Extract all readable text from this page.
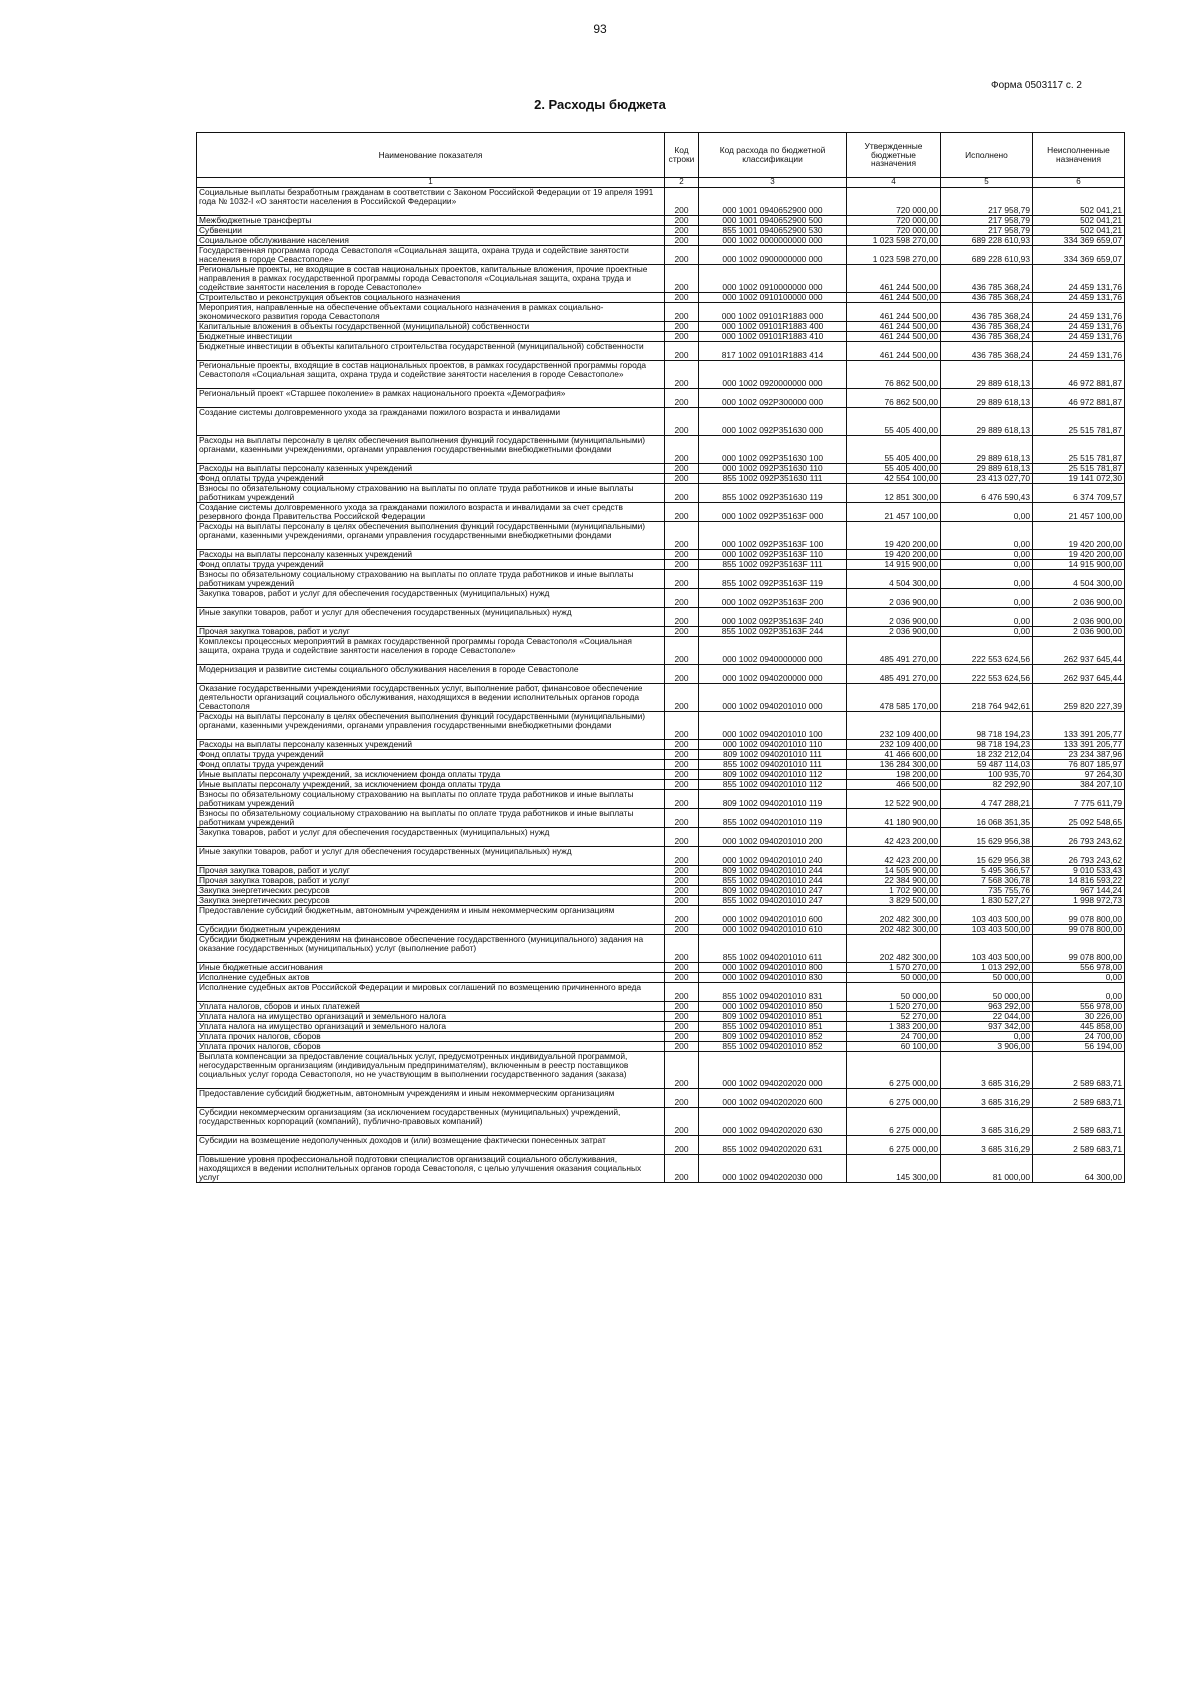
93
Форма 0503117 с. 2
2. Расходы бюджета
Наименование показателя	Код строки	Код расхода по бюджетной классификации	Утвержденные бюджетные назначения	Исполнено	Неисполненные назначения
1	2	3	4	5	6
Социальные выплаты безработным гражданам в соответствии с Законом Российской Федерации от 19 апреля 1991 года № 1032-I «О занятости населения в Российской Федерации»	200	000 1001 0940652900 000	720 000,00	217 958,79	502 041,21
Межбюджетные трансферты	200	000 1001 0940652900 500	720 000,00	217 958,79	502 041,21
Субвенции	200	855 1001 0940652900 530	720 000,00	217 958,79	502 041,21
Социальное обслуживание населения	200	000 1002 0000000000 000	1 023 598 270,00	689 228 610,93	334 369 659,07
Государственная программа города Севастополя «Социальная защита, охрана труда и содействие занятости населения в городе Севастополе»	200	000 1002 0900000000 000	1 023 598 270,00	689 228 610,93	334 369 659,07
Региональные проекты, не входящие в состав национальных проектов, капитальные вложения, прочие проектные направления в рамках государственной программы города Севастополя «Социальная защита, охрана труда и содействие занятости населения в городе Севастополе»	200	000 1002 0910000000 000	461 244 500,00	436 785 368,24	24 459 131,76
Строительство и реконструкция объектов социального назначения	200	000 1002 0910100000 000	461 244 500,00	436 785 368,24	24 459 131,76
Мероприятия, направленные на обеспечение объектами социального назначения в рамках социально-экономического развития города Севастополя	200	000 1002 09101R1883 000	461 244 500,00	436 785 368,24	24 459 131,76
Капитальные вложения в объекты государственной (муниципальной) собственности	200	000 1002 09101R1883 400	461 244 500,00	436 785 368,24	24 459 131,76
Бюджетные инвестиции	200	000 1002 09101R1883 410	461 244 500,00	436 785 368,24	24 459 131,76
Бюджетные инвестиции в объекты капитального строительства государственной (муниципальной) собственности	200	817 1002 09101R1883 414	461 244 500,00	436 785 368,24	24 459 131,76
Региональные проекты, входящие в состав национальных проектов, в рамках государственной программы города Севастополя «Социальная защита, охрана труда и содействие занятости населения в городе Севастополе»	200	000 1002 0920000000 000	76 862 500,00	29 889 618,13	46 972 881,87
Региональный проект «Старшее поколение» в рамках национального проекта «Демография»	200	000 1002 092P300000 000	76 862 500,00	29 889 618,13	46 972 881,87
Создание системы долговременного ухода за гражданами пожилого возраста и инвалидами	200	000 1002 092P351630 000	55 405 400,00	29 889 618,13	25 515 781,87
Расходы на выплаты персоналу в целях обеспечения выполнения функций государственными (муниципальными) органами, казенными учреждениями, органами управления государственными внебюджетными фондами	200	000 1002 092P351630 100	55 405 400,00	29 889 618,13	25 515 781,87
Расходы на выплаты персоналу казенных учреждений	200	000 1002 092P351630 110	55 405 400,00	29 889 618,13	25 515 781,87
Фонд оплаты труда учреждений	200	855 1002 092P351630 111	42 554 100,00	23 413 027,70	19 141 072,30
Взносы по обязательному социальному страхованию на выплаты по оплате труда работников и иные выплаты работникам учреждений	200	855 1002 092P351630 119	12 851 300,00	6 476 590,43	6 374 709,57
Создание системы долговременного ухода за гражданами пожилого возраста и инвалидами за счет средств резервного фонда Правительства Российской Федерации	200	000 1002 092P35163F 000	21 457 100,00	0,00	21 457 100,00
Расходы на выплаты персоналу в целях обеспечения выполнения функций государственными (муниципальными) органами, казенными учреждениями, органами управления государственными внебюджетными фондами	200	000 1002 092P35163F 100	19 420 200,00	0,00	19 420 200,00
Расходы на выплаты персоналу казенных учреждений	200	000 1002 092P35163F 110	19 420 200,00	0,00	19 420 200,00
Фонд оплаты труда учреждений	200	855 1002 092P35163F 111	14 915 900,00	0,00	14 915 900,00
Взносы по обязательному социальному страхованию на выплаты по оплате труда работников и иные выплаты работникам учреждений	200	855 1002 092P35163F 119	4 504 300,00	0,00	4 504 300,00
Закупка товаров, работ и услуг для обеспечения государственных (муниципальных) нужд	200	000 1002 092P35163F 200	2 036 900,00	0,00	2 036 900,00
Иные закупки товаров, работ и услуг для обеспечения государственных (муниципальных) нужд	200	000 1002 092P35163F 240	2 036 900,00	0,00	2 036 900,00
Прочая закупка товаров, работ и услуг	200	855 1002 092P35163F 244	2 036 900,00	0,00	2 036 900,00
Комплексы процессных мероприятий в рамках государственной программы города Севастополя «Социальная защита, охрана труда и содействие занятости населения в городе Севастополе»	200	000 1002 0940000000 000	485 491 270,00	222 553 624,56	262 937 645,44
Модернизация и развитие системы социального обслуживания населения в городе Севастополе	200	000 1002 0940200000 000	485 491 270,00	222 553 624,56	262 937 645,44
Оказание государственными учреждениями государственных услуг, выполнение работ, финансовое обеспечение деятельности организаций социального обслуживания, находящихся в ведении исполнительных органов города Севастополя	200	000 1002 0940201010 000	478 585 170,00	218 764 942,61	259 820 227,39
Расходы на выплаты персоналу в целях обеспечения выполнения функций государственными (муниципальными) органами, казенными учреждениями, органами управления государственными внебюджетными фондами	200	000 1002 0940201010 100	232 109 400,00	98 718 194,23	133 391 205,77
Расходы на выплаты персоналу казенных учреждений	200	000 1002 0940201010 110	232 109 400,00	98 718 194,23	133 391 205,77
Фонд оплаты труда учреждений	200	809 1002 0940201010 111	41 466 600,00	18 232 212,04	23 234 387,96
Фонд оплаты труда учреждений	200	855 1002 0940201010 111	136 284 300,00	59 487 114,03	76 807 185,97
Иные выплаты персоналу учреждений, за исключением фонда оплаты труда	200	809 1002 0940201010 112	198 200,00	100 935,70	97 264,30
Иные выплаты персоналу учреждений, за исключением фонда оплаты труда	200	855 1002 0940201010 112	466 500,00	82 292,90	384 207,10
Взносы по обязательному социальному страхованию на выплаты по оплате труда работников и иные выплаты работникам учреждений	200	809 1002 0940201010 119	12 522 900,00	4 747 288,21	7 775 611,79
Взносы по обязательному социальному страхованию на выплаты по оплате труда работников и иные выплаты работникам учреждений	200	855 1002 0940201010 119	41 180 900,00	16 068 351,35	25 092 548,65
Закупка товаров, работ и услуг для обеспечения государственных (муниципальных) нужд	200	000 1002 0940201010 200	42 423 200,00	15 629 956,38	26 793 243,62
Иные закупки товаров, работ и услуг для обеспечения государственных (муниципальных) нужд	200	000 1002 0940201010 240	42 423 200,00	15 629 956,38	26 793 243,62
Прочая закупка товаров, работ и услуг	200	809 1002 0940201010 244	14 505 900,00	5 495 366,57	9 010 533,43
Прочая закупка товаров, работ и услуг	200	855 1002 0940201010 244	22 384 900,00	7 568 306,78	14 816 593,22
Закупка энергетических ресурсов	200	809 1002 0940201010 247	1 702 900,00	735 755,76	967 144,24
Закупка энергетических ресурсов	200	855 1002 0940201010 247	3 829 500,00	1 830 527,27	1 998 972,73
Предоставление субсидий бюджетным, автономным учреждениям и иным некоммерческим организациям	200	000 1002 0940201010 600	202 482 300,00	103 403 500,00	99 078 800,00
Субсидии бюджетным учреждениям	200	000 1002 0940201010 610	202 482 300,00	103 403 500,00	99 078 800,00
Субсидии бюджетным учреждениям на финансовое обеспечение государственного (муниципального) задания на оказание государственных (муниципальных) услуг (выполнение работ)	200	855 1002 0940201010 611	202 482 300,00	103 403 500,00	99 078 800,00
Иные бюджетные ассигнования	200	000 1002 0940201010 800	1 570 270,00	1 013 292,00	556 978,00
Исполнение судебных актов	200	000 1002 0940201010 830	50 000,00	50 000,00	0,00
Исполнение судебных актов Российской Федерации и мировых соглашений по возмещению причиненного вреда	200	855 1002 0940201010 831	50 000,00	50 000,00	0,00
Уплата налогов, сборов и иных платежей	200	000 1002 0940201010 850	1 520 270,00	963 292,00	556 978,00
Уплата налога на имущество организаций и земельного налога	200	809 1002 0940201010 851	52 270,00	22 044,00	30 226,00
Уплата налога на имущество организаций и земельного налога	200	855 1002 0940201010 851	1 383 200,00	937 342,00	445 858,00
Уплата прочих налогов, сборов	200	809 1002 0940201010 852	24 700,00	0,00	24 700,00
Уплата прочих налогов, сборов	200	855 1002 0940201010 852	60 100,00	3 906,00	56 194,00
Выплата компенсации за предоставление социальных услуг, предусмотренных индивидуальной программой, негосударственным организациям (индивидуальным предпринимателям), включенным в реестр поставщиков социальных услуг города Севастополя, но не участвующим в выполнении государственного задания (заказа)	200	000 1002 0940202020 000	6 275 000,00	3 685 316,29	2 589 683,71
Предоставление субсидий бюджетным, автономным учреждениям и иным некоммерческим организациям	200	000 1002 0940202020 600	6 275 000,00	3 685 316,29	2 589 683,71
Субсидии некоммерческим организациям (за исключением государственных (муниципальных) учреждений, государственных корпораций (компаний), публично-правовых компаний)	200	000 1002 0940202020 630	6 275 000,00	3 685 316,29	2 589 683,71
Субсидии на возмещение недополученных доходов и (или) возмещение фактически понесенных затрат	200	855 1002 0940202020 631	6 275 000,00	3 685 316,29	2 589 683,71
Повышение уровня профессиональной подготовки специалистов организаций социального обслуживания, находящихся в ведении исполнительных органов города Севастополя, с целью улучшения оказания социальных услуг	200	000 1002 0940202030 000	145 300,00	81 000,00	64 300,00
